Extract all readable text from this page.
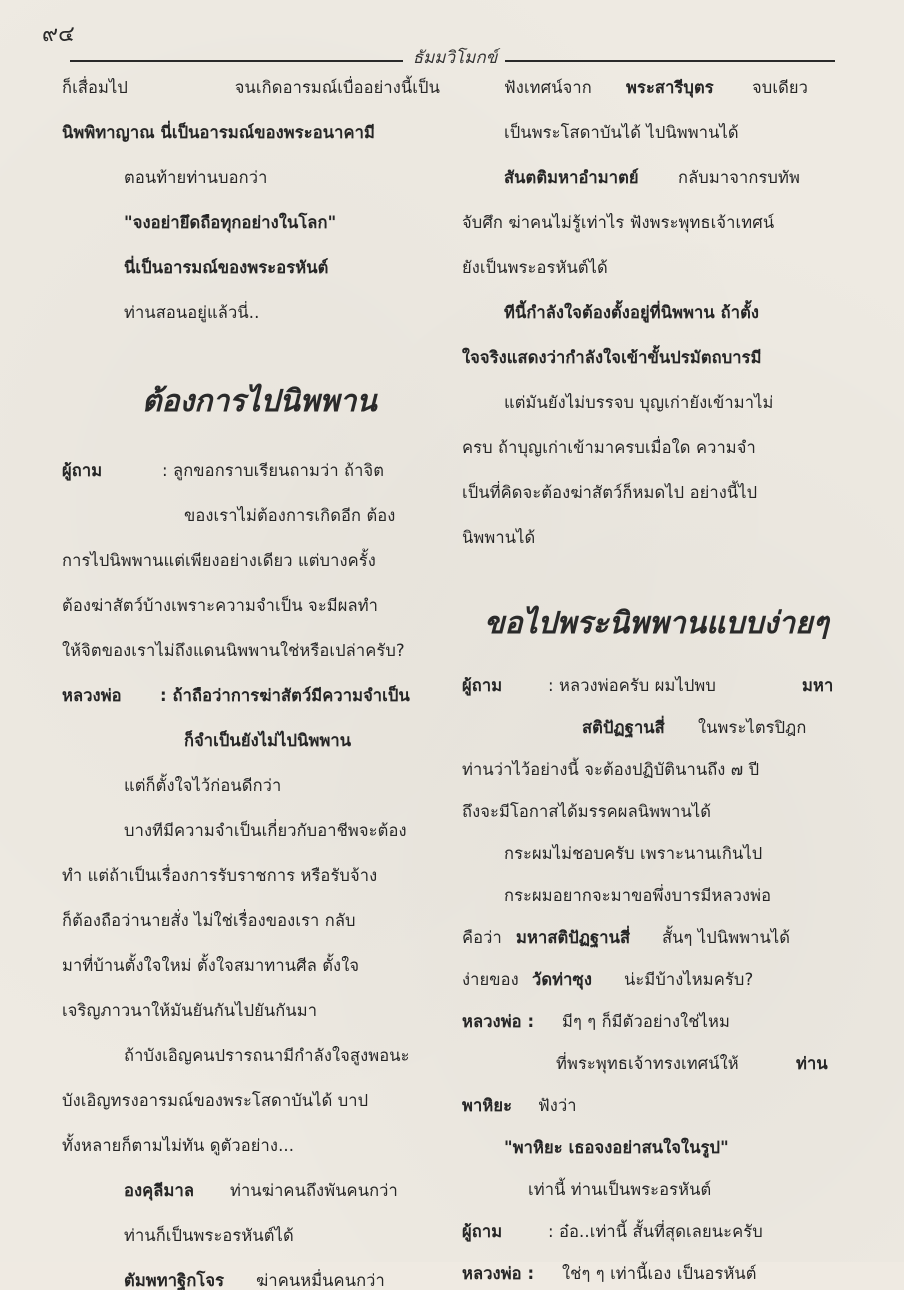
๙๔
ธัมมวิโมกข์
ก็เสื่อมไป จนเกิดอารมณ์เบื่ออย่างนี้เป็น
นิพพิทาญาณ นี่เป็นอารมณ์ของพระอนาคามี
ตอนท้ายท่านบอกว่า
"จงอย่ายึดถือทุกอย่างในโลก"
นี่เป็นอารมณ์ของพระอรหันต์
ท่านสอนอยู่แล้วนี่..
ต้องการไปนิพพาน
ผู้ถาม	: ลูกขอกราบเรียนถามว่า ถ้าจิต
ของเราไม่ต้องการเกิดอีก ต้อง
การไปนิพพานแต่เพียงอย่างเดียว แต่บางครั้ง
ต้องฆ่าสัตว์บ้างเพราะความจำเป็น จะมีผลทำ
ให้จิตของเราไม่ถึงแดนนิพพานใช่หรือเปล่าครับ?
หลวงพ่อ : ถ้าถือว่าการฆ่าสัตว์มีความจำเป็น
ก็จำเป็นยังไม่ไปนิพพาน
แต่ก็ตั้งใจไว้ก่อนดีกว่า
บางทีมีความจำเป็นเกี่ยวกับอาชีพจะต้อง
ทำ แต่ถ้าเป็นเรื่องการรับราชการ หรือรับจ้าง
ก็ต้องถือว่านายสั่ง ไม่ใช่เรื่องของเรา กลับ
มาที่บ้านตั้งใจใหม่ ตั้งใจสมาทานศีล ตั้งใจ
เจริญภาวนาให้มันยันกันไปยันกันมา
ถ้าบังเอิญคนปรารถนามีกำลังใจสูงพอนะ
บังเอิญทรงอารมณ์ของพระโสดาบันได้ บาป
ทั้งหลายก็ตามไม่ทัน ดูตัวอย่าง...
องคุลีมาล ท่านฆ่าคนถึงพันคนกว่า
ท่านก็เป็นพระอรหันต์ได้
ตัมพทาฐิกโจร ฆ่าคนหมื่นคนกว่า
ฟังเทศน์จาก พระสารีบุตร จบเดียว
เป็นพระโสดาบันได้ ไปนิพพานได้
สันตติมหาอำมาตย์ กลับมาจากรบทัพ
จับศึก ฆ่าคนไม่รู้เท่าไร ฟังพระพุทธเจ้าเทศน์
ยังเป็นพระอรหันต์ได้
ทีนี้กำลังใจต้องตั้งอยู่ที่นิพพาน ถ้าตั้ง
ใจจริงแสดงว่ากำลังใจเข้าขั้นปรมัตถบารมี
แต่มันยังไม่บรรจบ บุญเก่ายังเข้ามาไม่
ครบ ถ้าบุญเก่าเข้ามาครบเมื่อใด ความจำ
เป็นที่คิดจะต้องฆ่าสัตว์ก็หมดไป อย่างนี้ไป
นิพพานได้
ขอไปพระนิพพานแบบง่ายๆ
ผู้ถาม	: หลวงพ่อครับ ผมไปพบ	มหา
สติปัฏฐานสี่ ในพระไตรปิฎก
ท่านว่าไว้อย่างนี้ จะต้องปฏิบัตินานถึง ๗ ปี
ถึงจะมีโอกาสได้มรรคผลนิพพานได้
กระผมไม่ชอบครับ เพราะนานเกินไป
กระผมอยากจะมาขอพึ่งบารมีหลวงพ่อ
คือว่า มหาสติปัฏฐานสี่ สั้นๆ ไปนิพพานได้
ง่ายของ วัดท่าซุง น่ะมีบ้างไหมครับ?
หลวงพ่อ : มีๆ ๆ ก็มีตัวอย่างใช่ไหม
ที่พระพุทธเจ้าทรงเทศน์ให้	ท่าน
พาหิยะ ฟังว่า
"พาหิยะ เธอจงอย่าสนใจในรูป"
เท่านี้ ท่านเป็นพระอรหันต์
ผู้ถาม	: อ๋อ..เท่านี้ สั้นที่สุดเลยนะครับ
หลวงพ่อ : ใช่ๆ ๆ เท่านี้เอง เป็นอรหันต์
